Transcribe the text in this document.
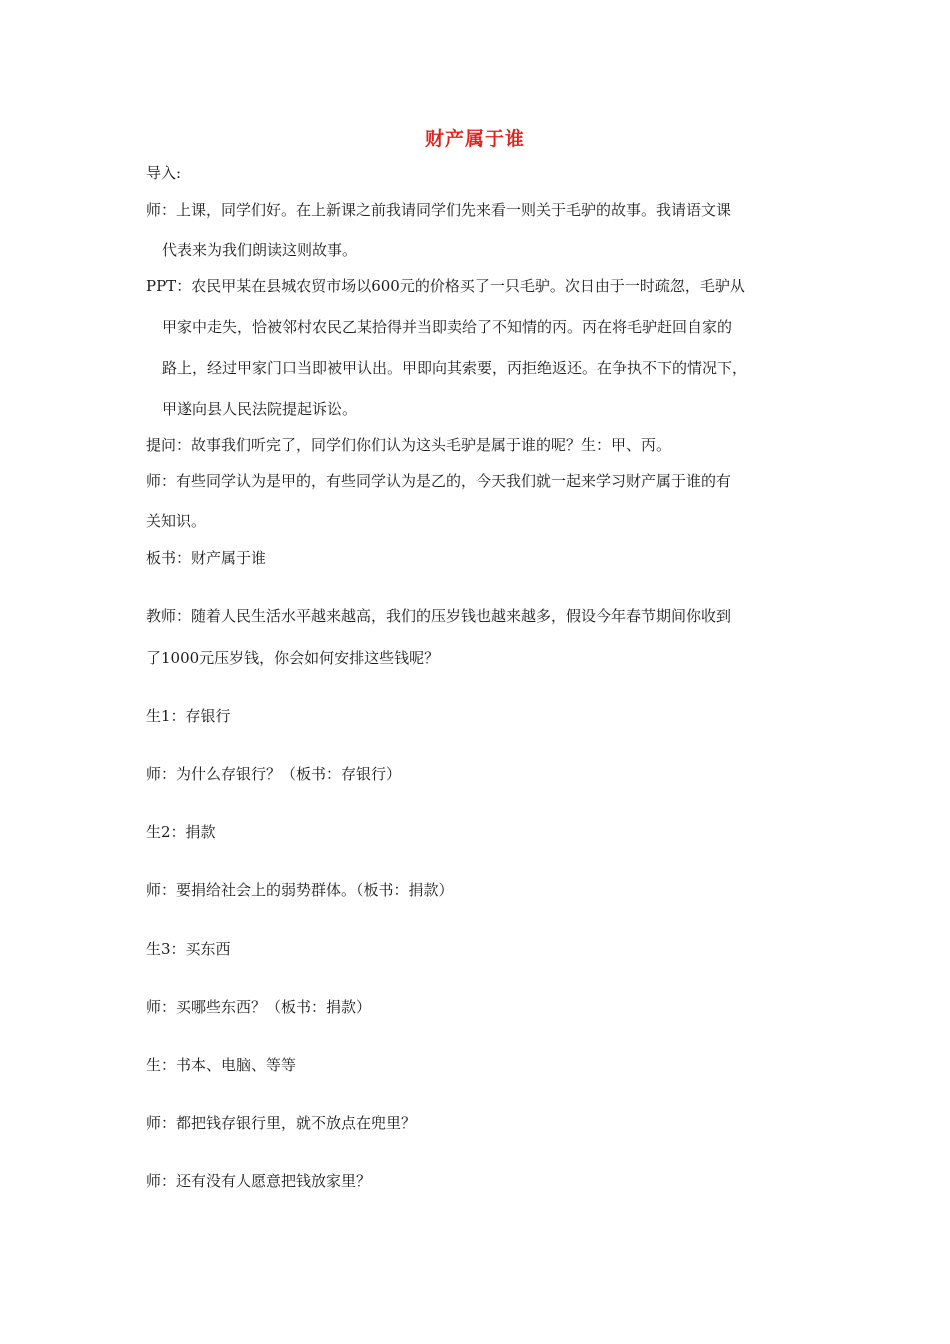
财产属于谁
导入:
师：上课，同学们好。在上新课之前我请同学们先来看一则关于毛驴的故事。我请语文课
代表来为我们朗读这则故事。
PPT：农民甲某在县城农贸市场以600元的价格买了一只毛驴。次日由于一时疏忽，毛驴从
甲家中走失，恰被邻村农民乙某拾得并当即卖给了不知情的丙。丙在将毛驴赶回自家的
路上，经过甲家门口当即被甲认出。甲即向其索要，丙拒绝返还。在争执不下的情况下，
甲遂向县人民法院提起诉讼。
提问：故事我们听完了，同学们你们认为这头毛驴是属于谁的呢？生：甲、丙。
师：有些同学认为是甲的，有些同学认为是乙的，今天我们就一起来学习财产属于谁的有
关知识。
板书：财产属于谁
教师：随着人民生活水平越来越高，我们的压岁钱也越来越多，假设今年春节期间你收到
了1000元压岁钱，你会如何安排这些钱呢？
生1：存银行
师：为什么存银行？（板书：存银行）
生2：捐款
师：要捐给社会上的弱势群体。（板书：捐款）
生3：买东西
师：买哪些东西？（板书：捐款）
生：书本、电脑、等等
师：都把钱存银行里，就不放点在兜里？
师：还有没有人愿意把钱放家里？
